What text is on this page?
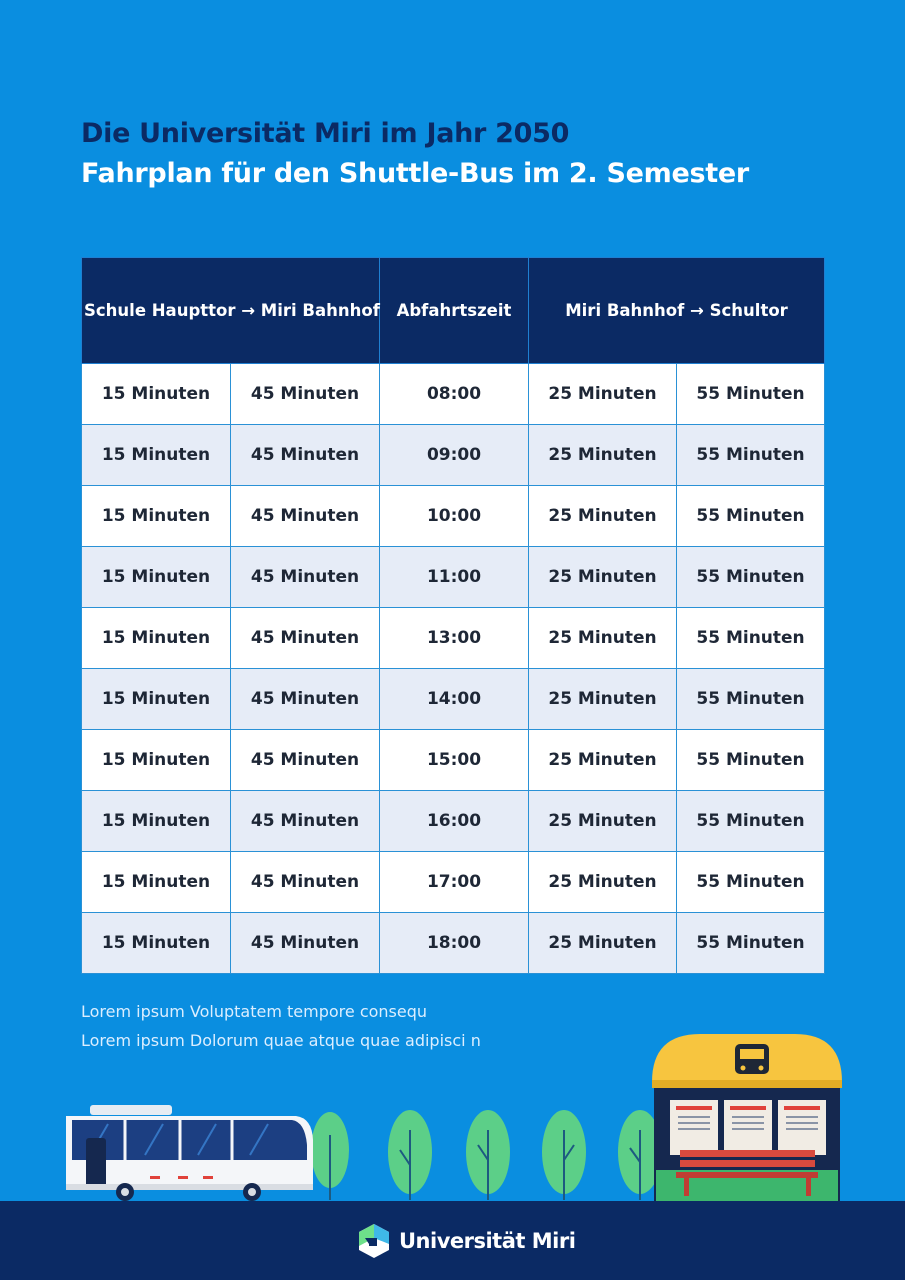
Die Universität Miri im Jahr 2050
Fahrplan für den Shuttle-Bus im 2. Semester
Schule Haupttor → Miri Bahnhof		Abfahrtszeit	Miri Bahnhof → Schultor	
15 Minuten	45 Minuten	08:00	25 Minuten	55 Minuten
15 Minuten	45 Minuten	09:00	25 Minuten	55 Minuten
15 Minuten	45 Minuten	10:00	25 Minuten	55 Minuten
15 Minuten	45 Minuten	11:00	25 Minuten	55 Minuten
15 Minuten	45 Minuten	13:00	25 Minuten	55 Minuten
15 Minuten	45 Minuten	14:00	25 Minuten	55 Minuten
15 Minuten	45 Minuten	15:00	25 Minuten	55 Minuten
15 Minuten	45 Minuten	16:00	25 Minuten	55 Minuten
15 Minuten	45 Minuten	17:00	25 Minuten	55 Minuten
15 Minuten	45 Minuten	18:00	25 Minuten	55 Minuten
Lorem ipsum Voluptatem tempore consequ
Lorem ipsum Dolorum quae atque quae adipisci n
Universität Miri
